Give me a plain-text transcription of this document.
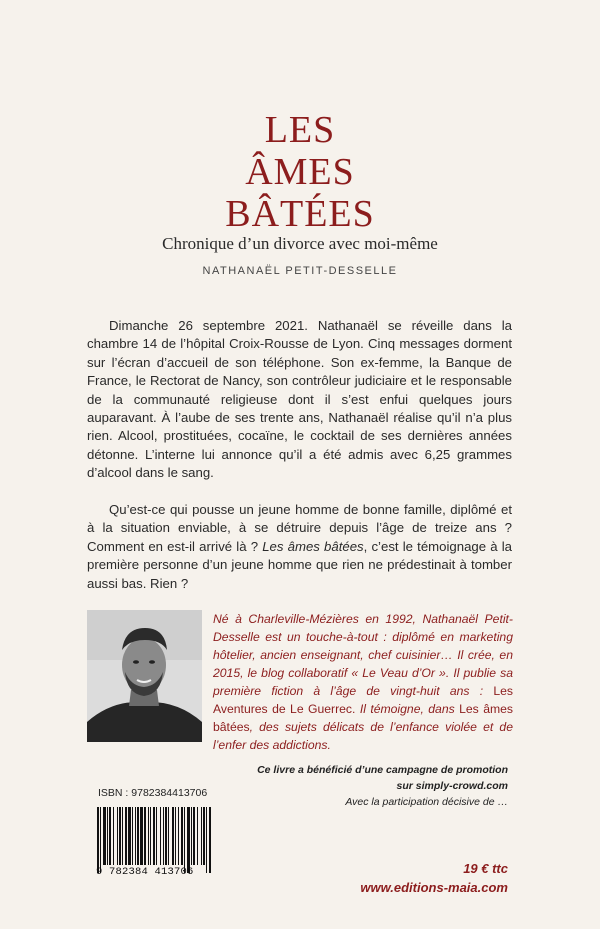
LES
ÂMES
BÂTÉES
Chronique d’un divorce avec moi-même
NATHANAËL PETIT-DESSELLE

Dimanche 26 septembre 2021. Nathanaël se réveille dans la chambre 14 de l’hôpital Croix-Rousse de Lyon. Cinq messages dorment sur l’écran d’accueil de son téléphone. Son ex-femme, la Banque de France, le Rectorat de Nancy, son contrôleur judiciaire et le responsable de la communauté religieuse dont il s’est enfui quelques jours auparavant. À l’aube de ses trente ans, Nathanaël réalise qu’il n’a plus rien. Alcool, prostituées, cocaïne, le cocktail de ses dernières années détonne. L’interne lui annonce qu’il a été admis avec 6,25 grammes d’alcool dans le sang.

Qu’est-ce qui pousse un jeune homme de bonne famille, diplômé et à la situation enviable, à se détruire depuis l’âge de treize ans ? Comment en est-il arrivé là ? Les âmes bâtées, c’est le témoignage à la première personne d’un jeune homme que rien ne prédestinait à tomber aussi bas. Rien ?

Né à Charleville-Mézières en 1992, Nathanaël Petit-Desselle est un touche-à-tout : diplômé en marketing hôtelier, ancien enseignant, chef cuisinier… Il crée, en 2015, le blog collaboratif « Le Veau d’Or ». Il publie sa première fiction à l’âge de vingt-huit ans : Les Aventures de Le Guerrec. Il témoigne, dans Les âmes bâtées, des sujets délicats de l’enfance violée et de l’enfer des addictions.
Ce livre a bénéficié d’une campagne de promotion
sur simply-crowd.com
ISBN : 9782384413706
Avec la participation décisive de …
9 782384 413706	19 € ttc
www.editions-maia.com
